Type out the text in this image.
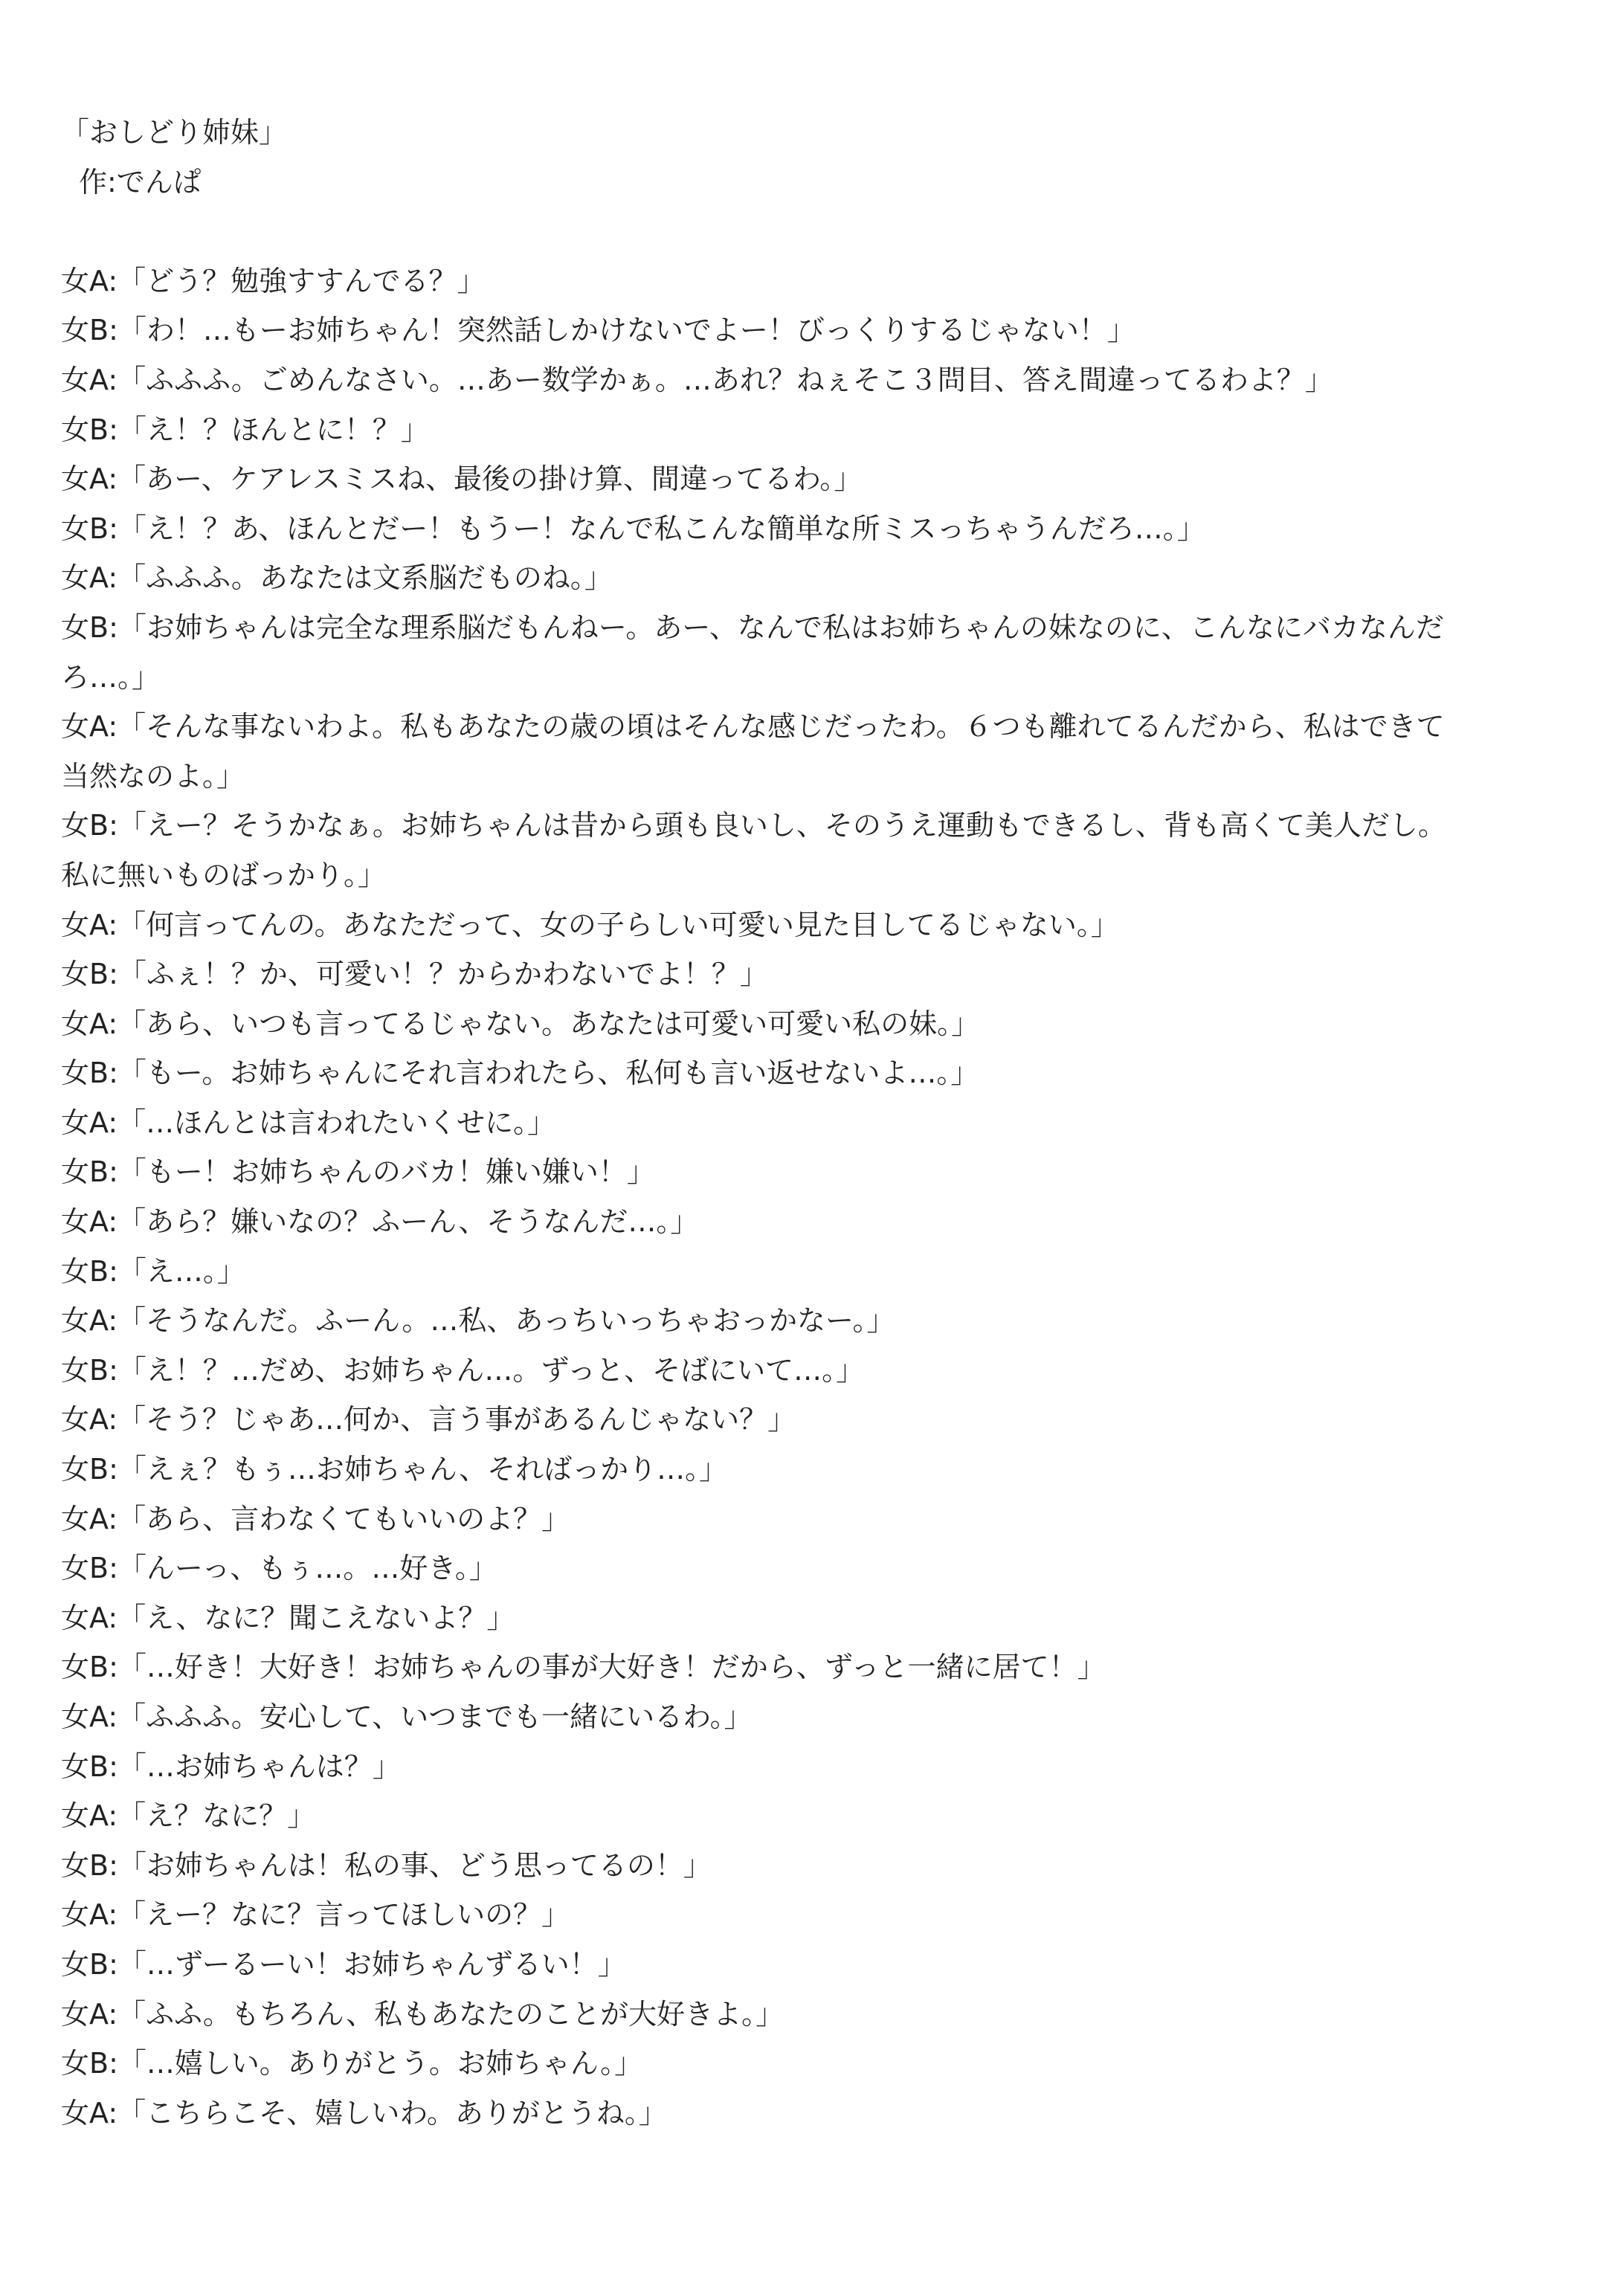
「おしどり姉妹」
作:でんぱ
女A:「どう？勉強すすんでる？」
女B:「わ！…もーお姉ちゃん！突然話しかけないでよー！びっくりするじゃない！」
女A:「ふふふ。ごめんなさい。…あー数学かぁ。…あれ？ねぇそこ３問目、答え間違ってるわよ？」
女B:「え！？ほんとに！？」
女A:「あー、ケアレスミスね、最後の掛け算、間違ってるわ。」
女B:「え！？あ、ほんとだー！もうー！なんで私こんな簡単な所ミスっちゃうんだろ…。」
女A:「ふふふ。あなたは文系脳だものね。」
女B:「お姉ちゃんは完全な理系脳だもんねー。あー、なんで私はお姉ちゃんの妹なのに、こんなにバカなんだ
ろ…。」
女A:「そんな事ないわよ。私もあなたの歳の頃はそんな感じだったわ。６つも離れてるんだから、私はできて
当然なのよ。」
女B:「えー？そうかなぁ。お姉ちゃんは昔から頭も良いし、そのうえ運動もできるし、背も高くて美人だし。
私に無いものばっかり。」
女A:「何言ってんの。あなただって、女の子らしい可愛い見た目してるじゃない。」
女B:「ふぇ！？か、可愛い！？からかわないでよ！？」
女A:「あら、いつも言ってるじゃない。あなたは可愛い可愛い私の妹。」
女B:「もー。お姉ちゃんにそれ言われたら、私何も言い返せないよ…。」
女A:「…ほんとは言われたいくせに。」
女B:「もー！お姉ちゃんのバカ！嫌い嫌い！」
女A:「あら？嫌いなの？ふーん、そうなんだ…。」
女B:「え…。」
女A:「そうなんだ。ふーん。…私、あっちいっちゃおっかなー。」
女B:「え！？…だめ、お姉ちゃん…。ずっと、そばにいて…。」
女A:「そう？じゃあ…何か、言う事があるんじゃない？」
女B:「えぇ？もぅ…お姉ちゃん、そればっかり…。」
女A:「あら、言わなくてもいいのよ？」
女B:「んーっ、もぅ…。…好き。」
女A:「え、なに？聞こえないよ？」
女B:「…好き！大好き！お姉ちゃんの事が大好き！だから、ずっと一緒に居て！」
女A:「ふふふ。安心して、いつまでも一緒にいるわ。」
女B:「…お姉ちゃんは？」
女A:「え？なに？」
女B:「お姉ちゃんは！私の事、どう思ってるの！」
女A:「えー？なに？言ってほしいの？」
女B:「…ずーるーい！お姉ちゃんずるい！」
女A:「ふふ。もちろん、私もあなたのことが大好きよ。」
女B:「…嬉しい。ありがとう。お姉ちゃん。」
女A:「こちらこそ、嬉しいわ。ありがとうね。」
